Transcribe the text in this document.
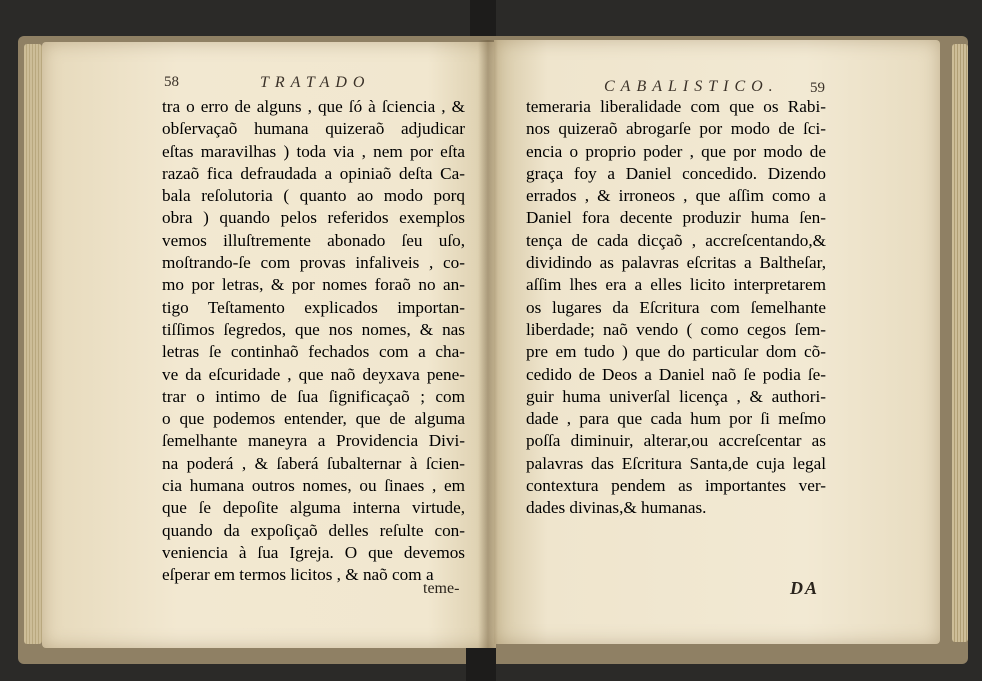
58	TRATADO
tra o erro de alguns , que ſó à ſciencia , &
obſervaçaõ humana quizeraõ adjudicar
eſtas maravilhas ) toda via , nem por eſta
razaõ fica defraudada a opiniaõ deſta Ca-
bala reſolutoria ( quanto ao modo porq
obra ) quando pelos referidos exemplos
vemos illuſtremente abonado ſeu uſo,
moſtrando-ſe com provas infaliveis , co-
mo por letras, & por nomes foraõ no an-
tigo Teſtamento explicados importan-
tiſſimos ſegredos, que nos nomes, & nas
letras ſe continhaõ fechados com a cha-
ve da eſcuridade , que naõ deyxava pene-
trar o intimo de ſua ſignificaçaõ ; com
o que podemos entender, que de alguma
ſemelhante maneyra a Providencia Divi-
na poderá , & ſaberá ſubalternar à ſcien-
cia humana outros nomes, ou ſinaes , em
que ſe depoſite alguma interna virtude,
quando da expoſiçaõ delles reſulte con-
veniencia à ſua Igreja. O que devemos
eſperar em termos licitos , & naõ com a
teme-
CABALISTICO. 59
temeraria liberalidade com que os Rabi-
nos quizeraõ abrogarſe por modo de ſci-
encia o proprio poder , que por modo de
graça foy a Daniel concedido. Dizendo
errados , & irroneos , que aſſim como a
Daniel fora decente produzir huma ſen-
tença de cada dicçaõ , accreſcentando,&
dividindo as palavras eſcritas a Baltheſar,
aſſim lhes era a elles licito interpretarem
os lugares da Eſcritura com ſemelhante
liberdade; naõ vendo ( como cegos ſem-
pre em tudo ) que do particular dom cõ-
cedido de Deos a Daniel naõ ſe podia ſe-
guir huma univerſal licença , & authori-
dade , para que cada hum por ſi meſmo
poſſa diminuir, alterar,ou accreſcentar as
palavras das Eſcritura Santa,de cuja legal
contextura pendem as importantes ver-
dades divinas,& humanas.
DA
